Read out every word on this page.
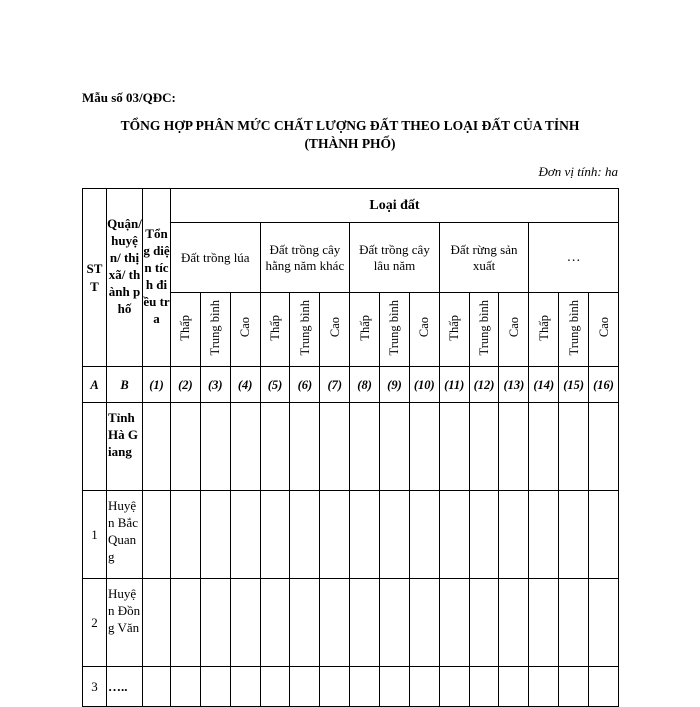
Mẫu số 03/QĐC:
TỔNG HỢP PHÂN MỨC CHẤT LƯỢNG ĐẤT THEO LOẠI ĐẤT CỦA TỈNH
(THÀNH PHỐ)
Đơn vị tính: ha
STT	Quận/ huyện/ thị xã/ thành phố	Tổng diện tích điều tra	Loại đất														
			Đất trồng lúa			Đất trồng cây hằng năm khác			Đất trồng cây lâu năm			Đất rừng sản xuất			…		
			Thấp	Trung bình	Cao	Thấp	Trung bình	Cao	Thấp	Trung bình	Cao	Thấp	Trung bình	Cao	Thấp	Trung bình	Cao
A	B	(1)	(2)	(3)	(4)	(5)	(6)	(7)	(8)	(9)	(10)	(11)	(12)	(13)	(14)	(15)	(16)
	Tỉnh Hà Giang																
1	Huyện Bắc Quang																
2	Huyện Đồng Văn																
3	…..																
